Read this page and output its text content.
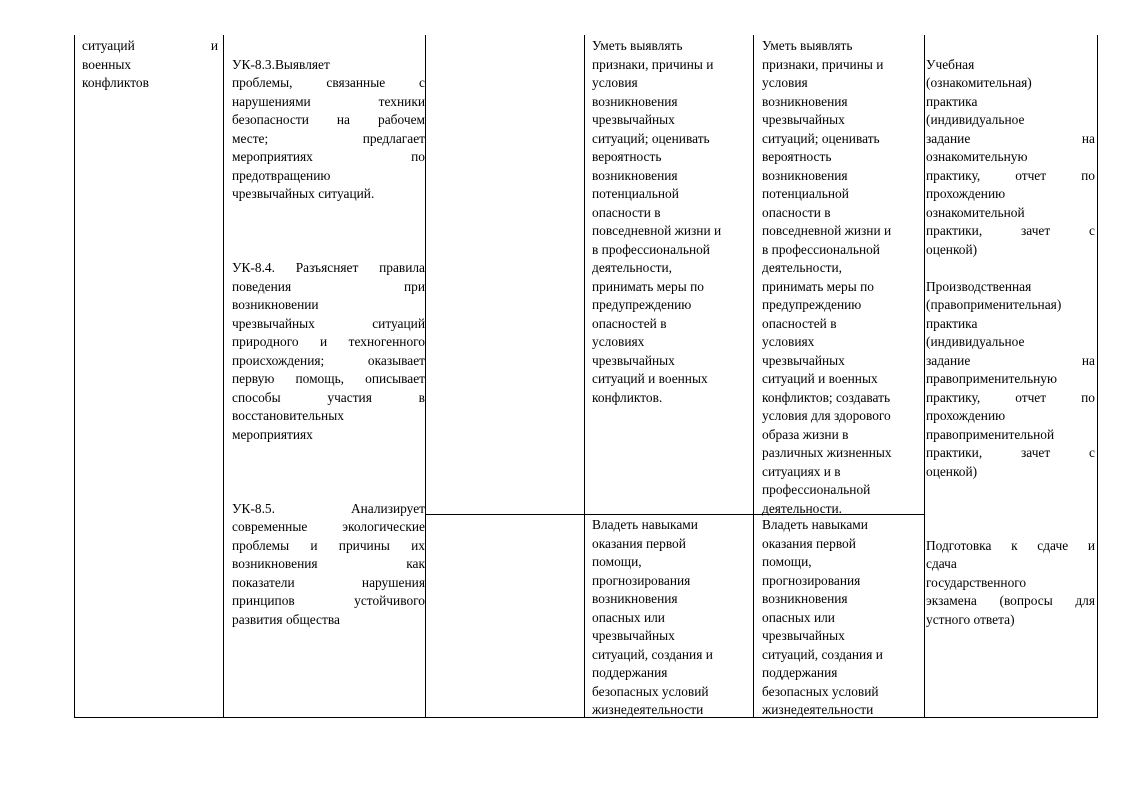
ситуаций и
военных
конфликтов

УК-8.3.Выявляет
проблемы, связанные с
нарушениями техники
безопасности на рабочем
месте; предлагает
мероприятиях по
предотвращению
чрезвычайных ситуаций.

УК-8.4. Разъясняет правила
поведения при
возникновении
чрезвычайных ситуаций
природного и техногенного
происхождения; оказывает
первую помощь, описывает
способы участия в
восстановительных
мероприятиях

УК-8.5. Анализирует
современные экологические
проблемы и причины их
возникновения как
показатели нарушения
принципов устойчивого
развития общества

Уметь выявлять
признаки, причины и
условия
возникновения
чрезвычайных
ситуаций; оценивать
вероятность
возникновения
потенциальной
опасности в
повседневной жизни и
в профессиональной
деятельности,
принимать меры по
предупреждению
опасностей в
условиях
чрезвычайных
ситуаций и военных
конфликтов.
Уметь выявлять
признаки, причины и
условия
возникновения
чрезвычайных
ситуаций; оценивать
вероятность
возникновения
потенциальной
опасности в
повседневной жизни и
в профессиональной
деятельности,
принимать меры по
предупреждению
опасностей в
условиях
чрезвычайных
ситуаций и военных
конфликтов; создавать
условия для здорового
образа жизни в
различных жизненных
ситуациях и в
профессиональной
деятельности.
Владеть навыками
оказания первой
помощи,
прогнозирования
возникновения
опасных или
чрезвычайных
ситуаций, создания и
поддержания
безопасных условий
жизнедеятельности
Владеть навыками
оказания первой
помощи,
прогнозирования
возникновения
опасных или
чрезвычайных
ситуаций, создания и
поддержания
безопасных условий
жизнедеятельности

Учебная
(ознакомительная)
практика
(индивидуальное
задание на
ознакомительную
практику, отчет по
прохождению
ознакомительной
практики, зачет с
оценкой)

Производственная
(правоприменительная)
практика
(индивидуальное
задание на
правоприменительную
практику, отчет по
прохождению
правоприменительной
практики, зачет с
оценкой)

Подготовка к сдаче и
сдача
государственного
экзамена (вопросы для
устного ответа)
